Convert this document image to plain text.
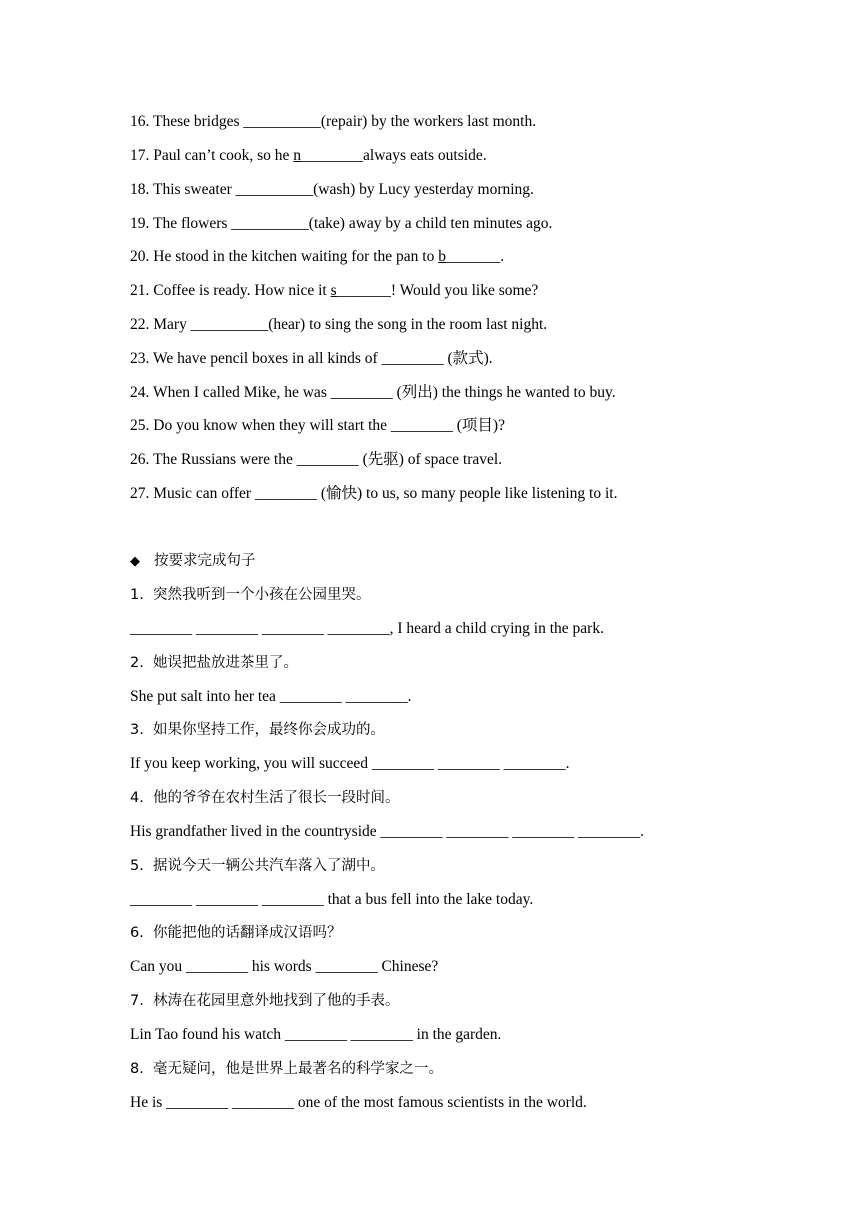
16. These bridges __________(repair) by the workers last month.

17. Paul can’t cook, so he n________always eats outside.

18. This sweater __________(wash) by Lucy yesterday morning.

19. The flowers __________(take) away by a child ten minutes ago.

20. He stood in the kitchen waiting for the pan to b_______.

21. Coffee is ready. How nice it s_______! Would you like some?

22. Mary __________(hear) to sing the song in the room last night.

23. We have pencil boxes in all kinds of ________ (款式).

24. When I called Mike, he was ________ (列出) the things he wanted to buy.

25. Do you know when they will start the ________ (项目)?

26. The Russians were the ________ (先驱) of space travel.

27. Music can offer ________ (愉快) to us, so many people like listening to it.

◆ 按要求完成句子

1.  突然我听到一个小孩在公园里哭。

________ ________ ________ ________, I heard a child crying in the park.

2.  她误把盐放进茶里了。

She put salt into her tea ________ ________.

3.  如果你坚持工作，最终你会成功的。

If you keep working, you will succeed ________ ________ ________.

4.  他的爷爷在农村生活了很长一段时间。

His grandfather lived in the countryside ________ ________ ________ ________.

5.  据说今天一辆公共汽车落入了湖中。

________ ________ ________ that a bus fell into the lake today.

6.  你能把他的话翻译成汉语吗？

Can you ________ his words ________ Chinese?

7.  林涛在花园里意外地找到了他的手表。

Lin Tao found his watch ________ ________ in the garden.

8.  毫无疑问，他是世界上最著名的科学家之一。

He is ________ ________ one of the most famous scientists in the world.
